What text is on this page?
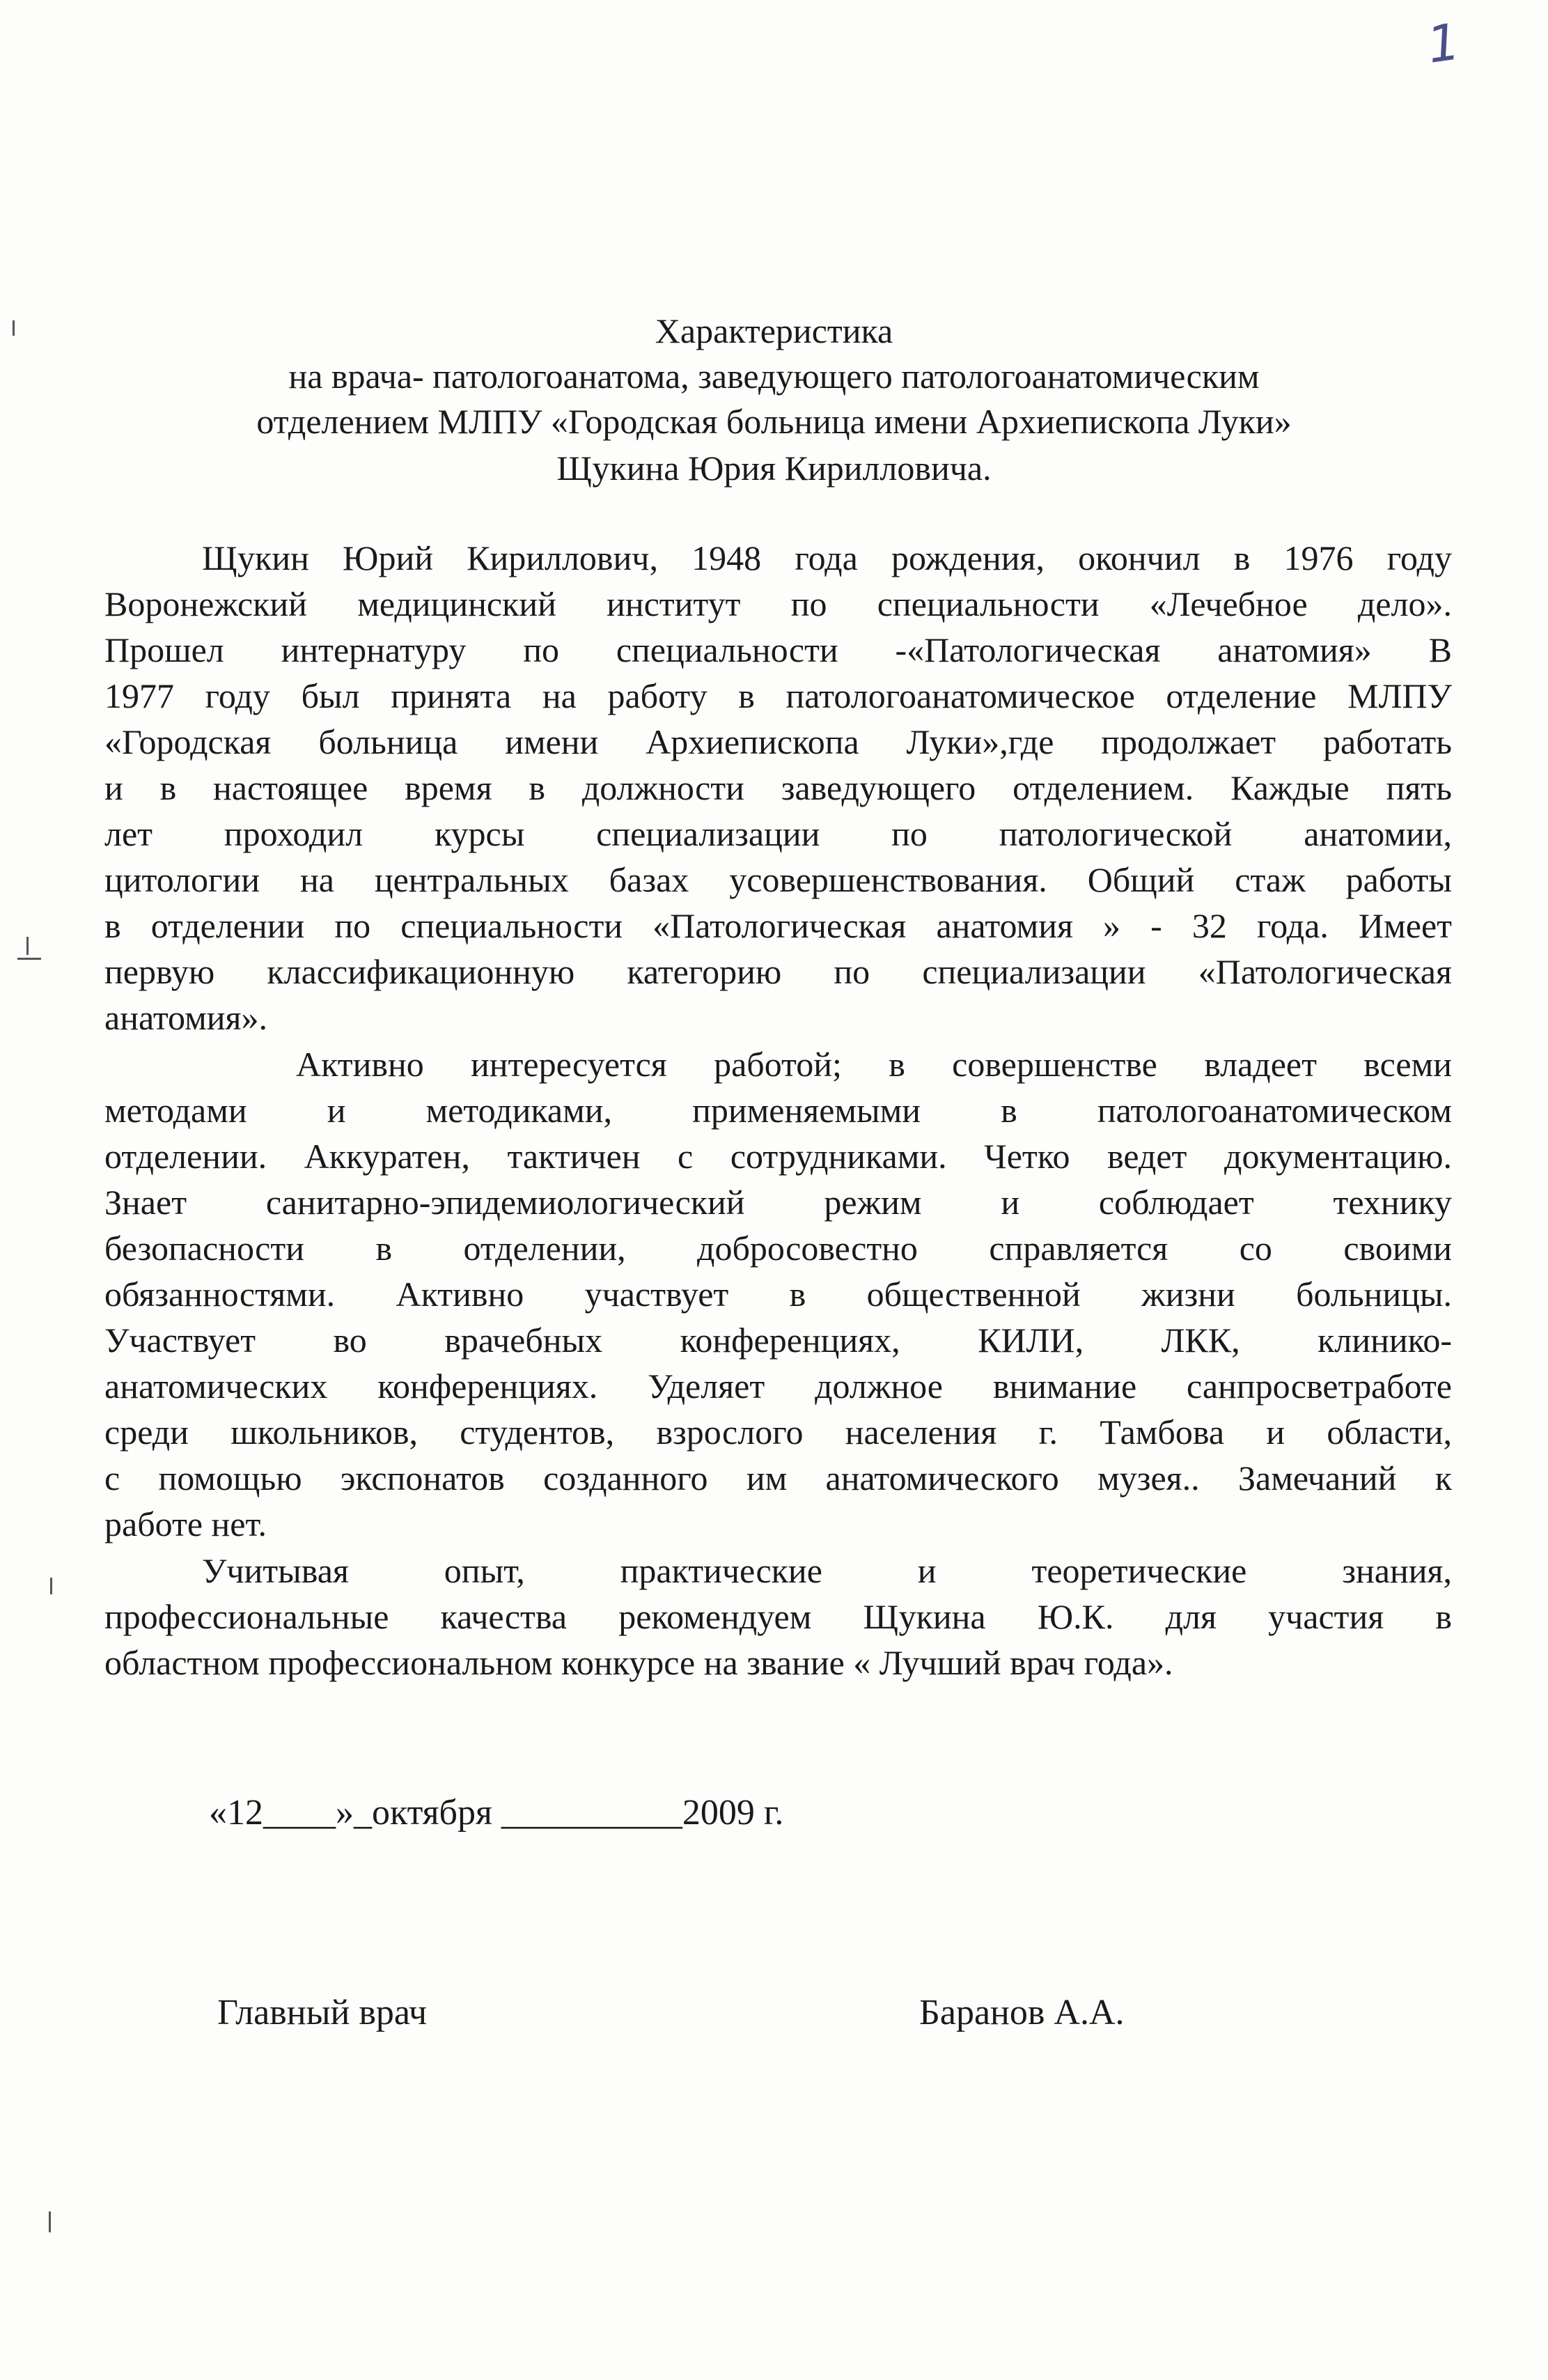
1
Характеристика
на врача- патологоанатома, заведующего патологоанатомическим
отделением МЛПУ «Городская больница имени Архиепископа Луки»
Щукина Юрия Кирилловича.
Щукин Юрий Кириллович, 1948 года рождения, окончил в 1976 году
Воронежский медицинский институт по специальности «Лечебное дело».
Прошел интернатуру по специальности -«Патологическая анатомия» В
1977 году был принята на работу в патологоанатомическое отделение МЛПУ
«Городская больница имени Архиепископа Луки»,где продолжает работать
и в настоящее время в должности заведующего отделением. Каждые пять
лет проходил курсы специализации по патологической анатомии,
цитологии на центральных базах усовершенствования. Общий стаж работы
в отделении по специальности «Патологическая анатомия » - 32 года. Имеет
первую классификационную категорию по специализации «Патологическая
анатомия».
Активно интересуется работой; в совершенстве владеет всеми
методами и методиками, применяемыми в патологоанатомическом
отделении. Аккуратен, тактичен с сотрудниками. Четко ведет документацию.
Знает санитарно-эпидемиологический режим и соблюдает технику
безопасности в отделении, добросовестно справляется со своими
обязанностями. Активно участвует в общественной жизни больницы.
Участвует во врачебных конференциях, КИЛИ, ЛКК, клинико-
анатомических конференциях. Уделяет должное внимание санпросветработе
среди школьников, студентов, взрослого населения г. Тамбова и области,
с помощью экспонатов созданного им анатомического музея.. Замечаний к
работе нет.
Учитывая опыт, практические и теоретические знания,
профессиональные качества рекомендуем Щукина Ю.К. для участия в
областном профессиональном конкурсе на звание « Лучший врач года».
«12____»_октября __________2009 г.
Главный врач	Баранов А.А.
